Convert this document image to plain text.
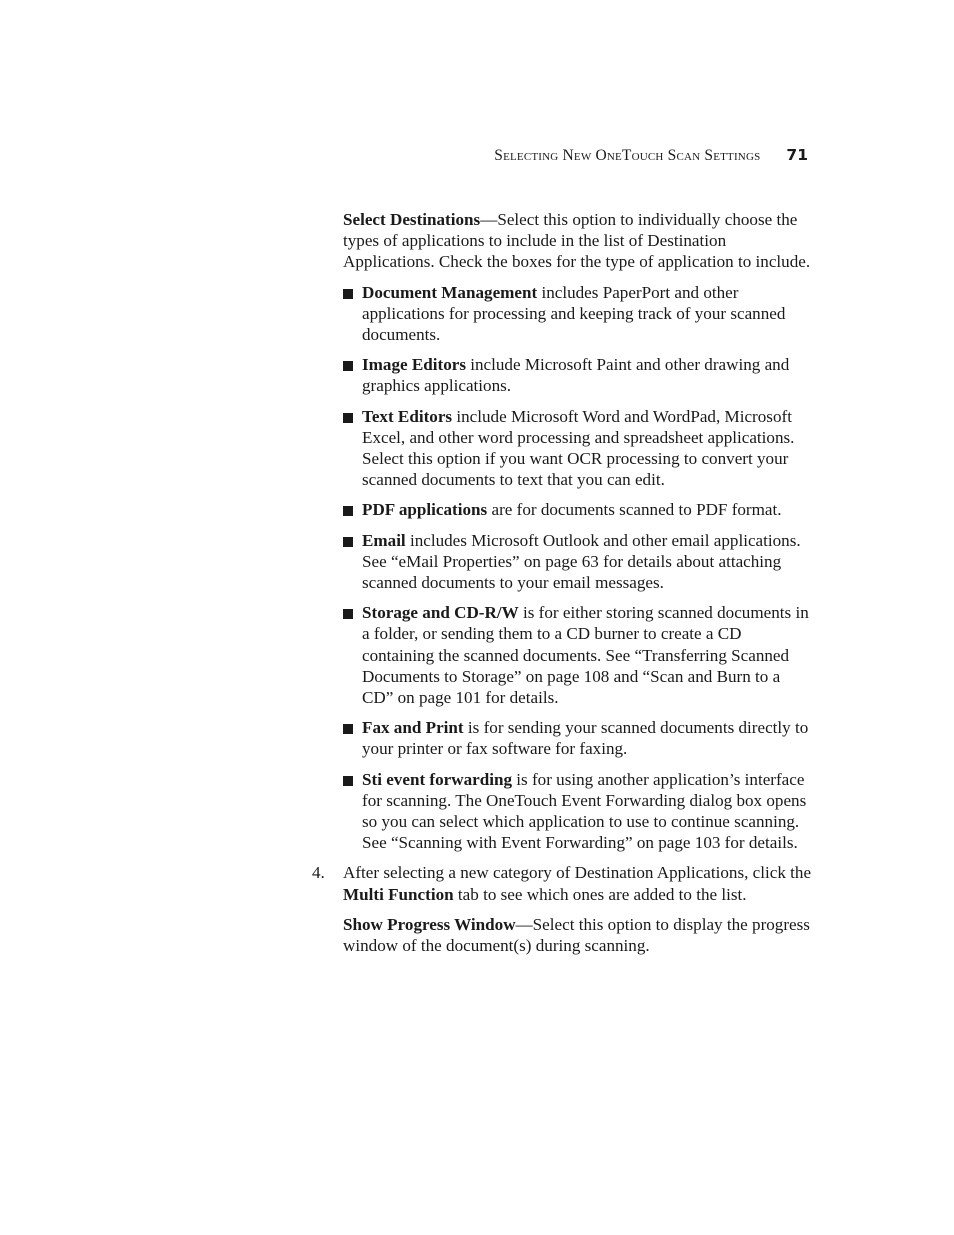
Selecting New OneTouch Scan Settings 71

Select Destinations—Select this option to individually choose the types of applications to include in the list of Destination Applications. Check the boxes for the type of application to include.

Document Management includes PaperPort and other applications for processing and keeping track of your scanned documents.
Image Editors include Microsoft Paint and other drawing and graphics applications.
Text Editors include Microsoft Word and WordPad, Microsoft Excel, and other word processing and spreadsheet applications. Select this option if you want OCR processing to convert your scanned documents to text that you can edit.
PDF applications are for documents scanned to PDF format.
Email includes Microsoft Outlook and other email applications. See “eMail Properties” on page 63 for details about attaching scanned documents to your email messages.
Storage and CD-R/W is for either storing scanned documents in a folder, or sending them to a CD burner to create a CD containing the scanned documents. See “Transferring Scanned Documents to Storage” on page 108 and “Scan and Burn to a CD” on page 101 for details.
Fax and Print is for sending your scanned documents directly to your printer or fax software for faxing.
Sti event forwarding is for using another application’s interface for scanning. The OneTouch Event Forwarding dialog box opens so you can select which application to use to continue scanning. See “Scanning with Event Forwarding” on page 103 for details.

4. After selecting a new category of Destination Applications, click the Multi Function tab to see which ones are added to the list.

Show Progress Window—Select this option to display the progress window of the document(s) during scanning.
